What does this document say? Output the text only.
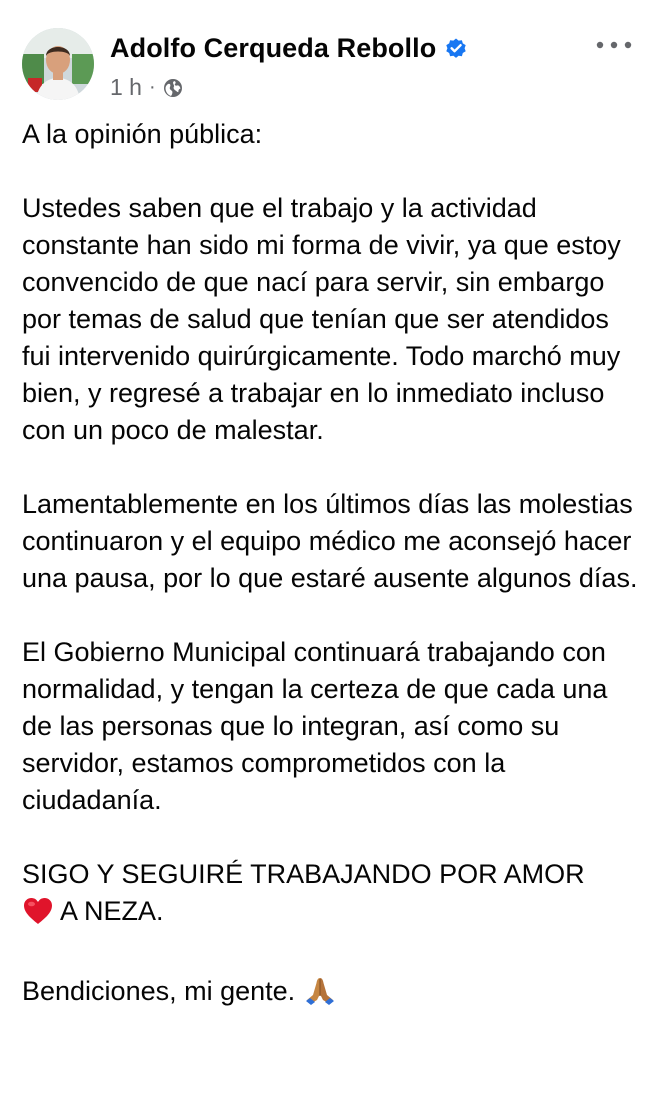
Adolfo Cerqueda Rebollo
1 h ·

A la opinión pública:

Ustedes saben que el trabajo y la actividad constante han sido mi forma de vivir, ya que estoy convencido de que nací para servir, sin embargo por temas de salud que tenían que ser atendidos fui intervenido quirúrgicamente. Todo marchó muy bien, y regresé a trabajar en lo inmediato incluso con un poco de malestar.

Lamentablemente en los últimos días las molestias continuaron y el equipo médico me aconsejó hacer una pausa, por lo que estaré ausente algunos días.

El Gobierno Municipal continuará trabajando con normalidad, y tengan la certeza de que cada una de las personas que lo integran, así como su servidor, estamos comprometidos con la ciudadanía.

SIGO Y SEGUIRÉ TRABAJANDO POR AMOR
A NEZA.

Bendiciones, mi gente.
